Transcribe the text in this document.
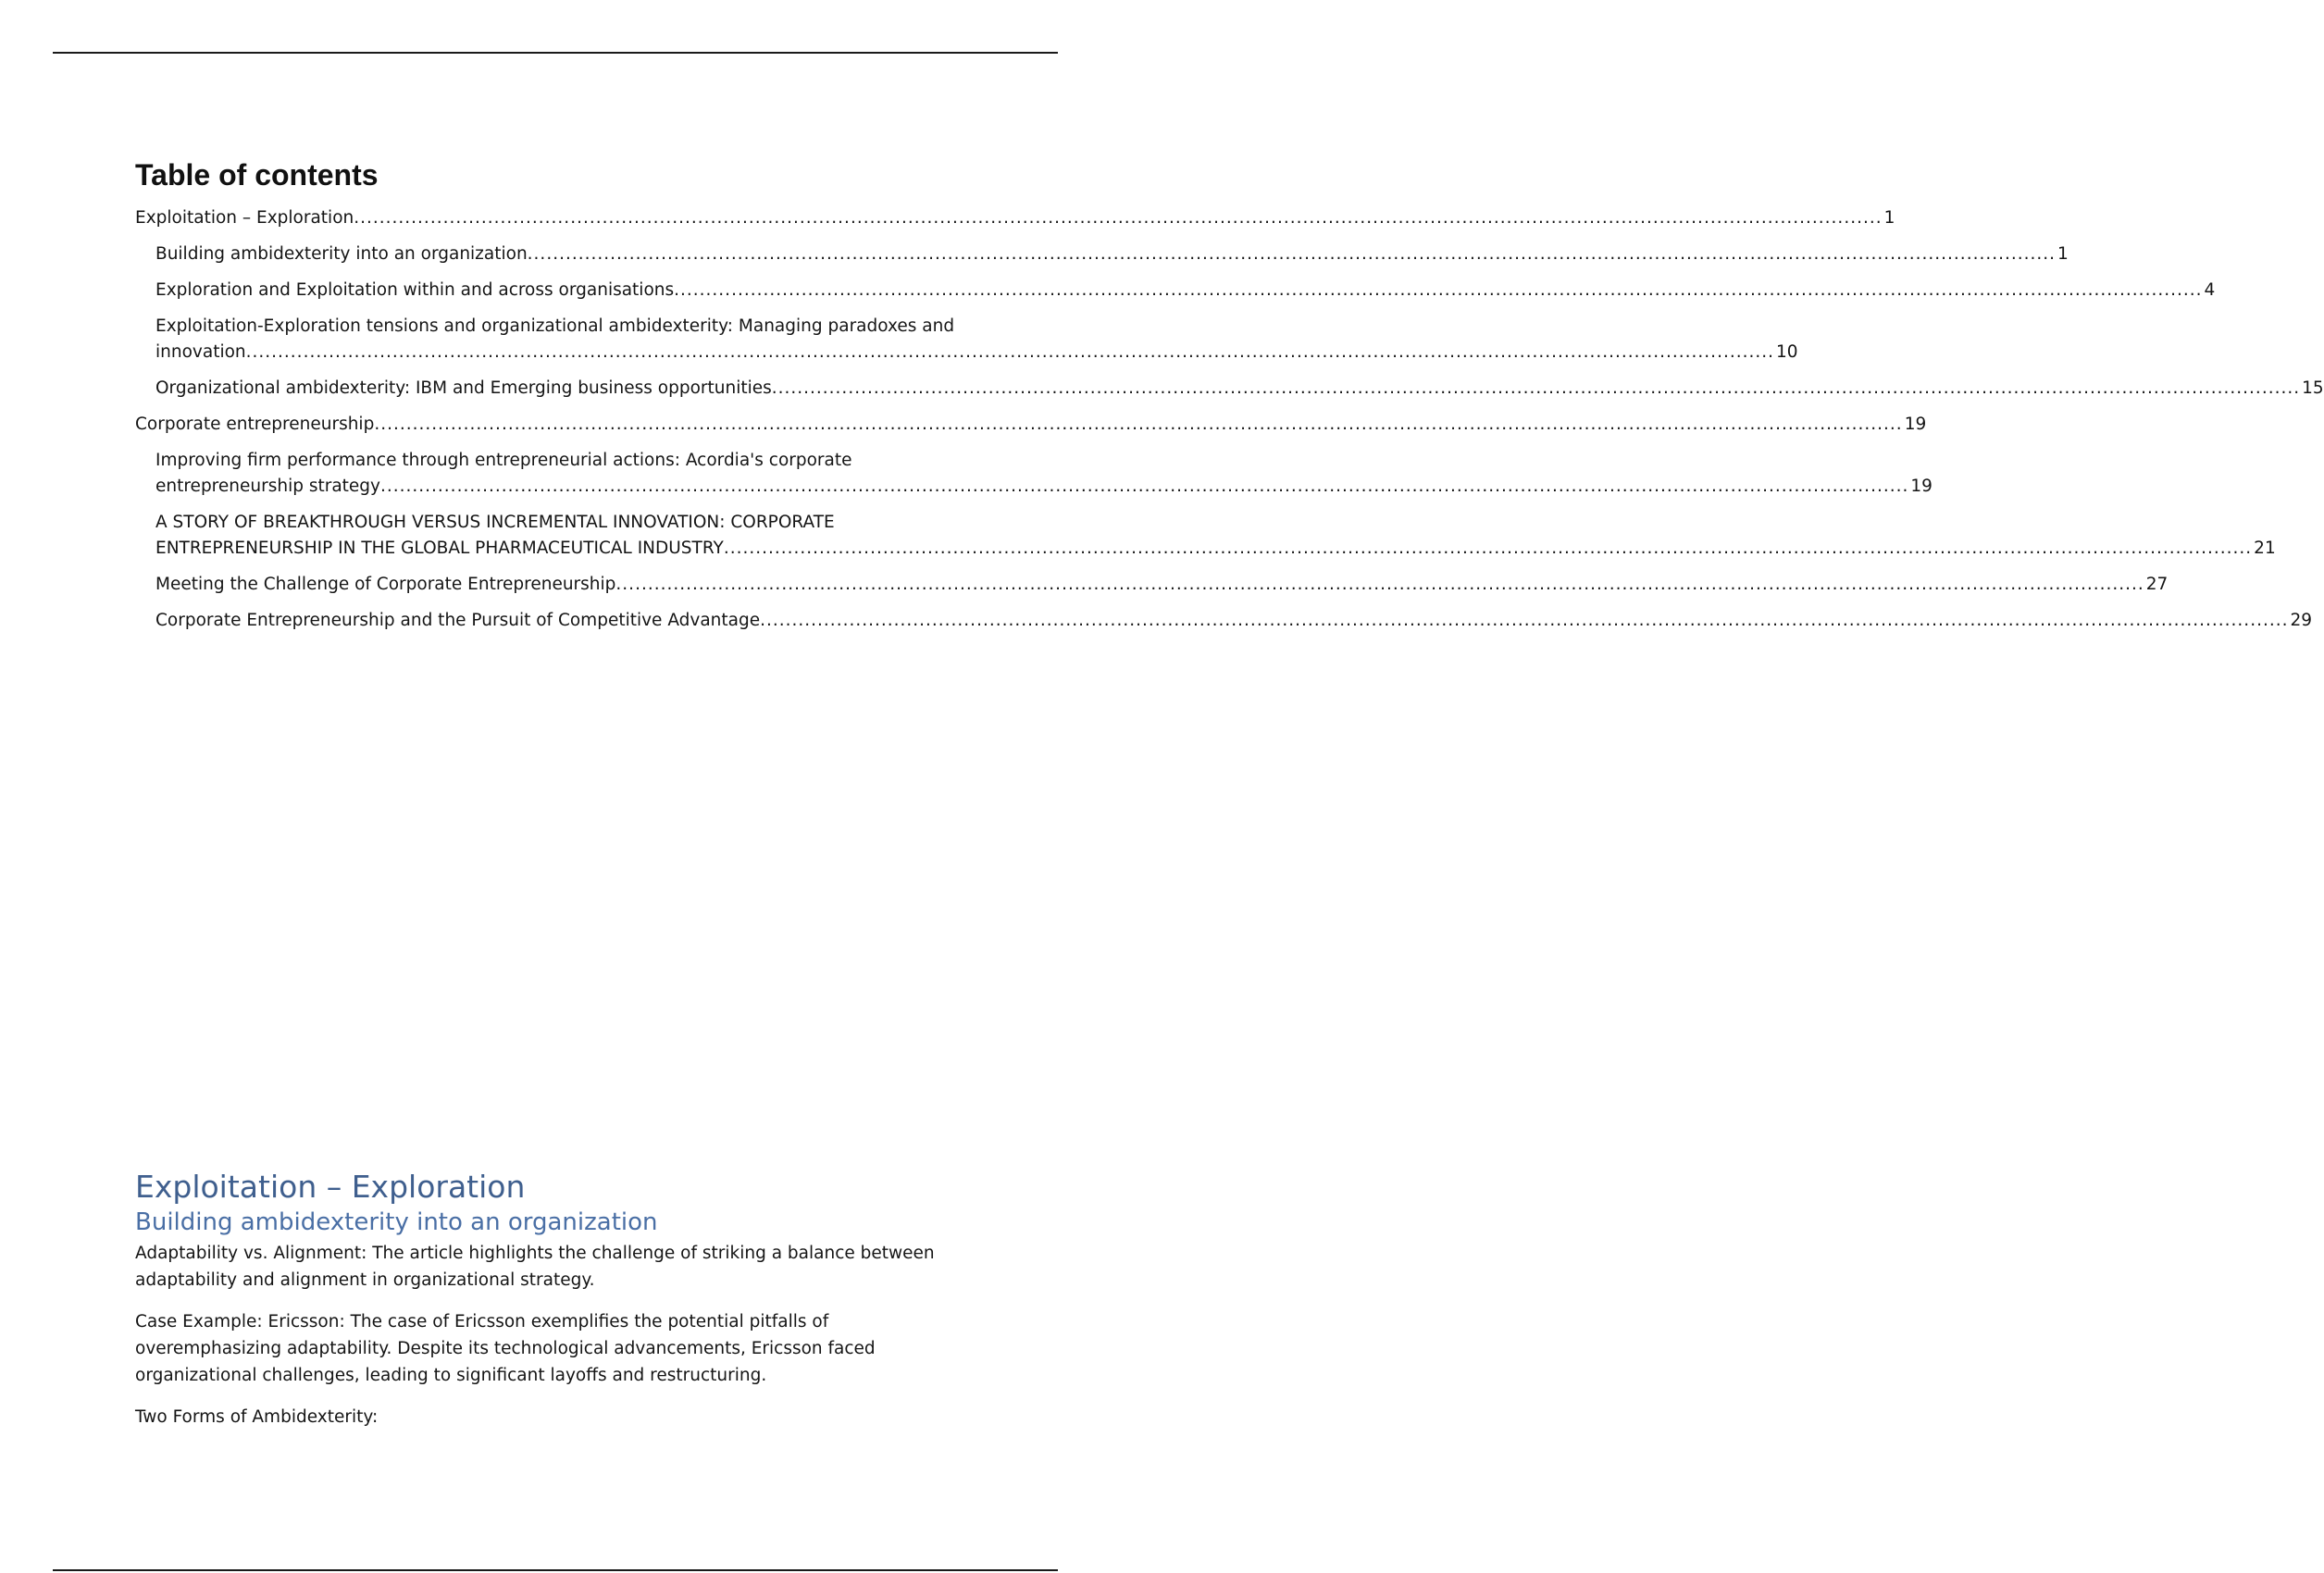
Table of contents
Exploitation – Exploration ................................................................................................................................................................................................................................................ 1
Building ambidexterity into an organization ................................................................................................................................................................................................................................................ 1
Exploration and Exploitation within and across organisations ................................................................................................................................................................................................................................................ 4
Exploitation-Exploration tensions and organizational ambidexterity: Managing paradoxes and
innovation ................................................................................................................................................................................................................................................ 10
Organizational ambidexterity: IBM and Emerging business opportunities ................................................................................................................................................................................................................................................ 15
Corporate entrepreneurship ................................................................................................................................................................................................................................................ 19
Improving firm performance through entrepreneurial actions: Acordia's corporate
entrepreneurship strategy ................................................................................................................................................................................................................................................ 19
A STORY OF BREAKTHROUGH VERSUS INCREMENTAL INNOVATION: CORPORATE
ENTREPRENEURSHIP IN THE GLOBAL PHARMACEUTICAL INDUSTRY ................................................................................................................................................................................................................................................ 21
Meeting the Challenge of Corporate Entrepreneurship ................................................................................................................................................................................................................................................ 27
Corporate Entrepreneurship and the Pursuit of Competitive Advantage ................................................................................................................................................................................................................................................ 29
Exploitation – Exploration
Building ambidexterity into an organization

Adaptability vs. Alignment: The article highlights the challenge of striking a balance between adaptability and alignment in organizational strategy.

Case Example: Ericsson: The case of Ericsson exemplifies the potential pitfalls of overemphasizing adaptability. Despite its technological advancements, Ericsson faced organizational challenges, leading to significant layoffs and restructuring.

Two Forms of Ambidexterity:
